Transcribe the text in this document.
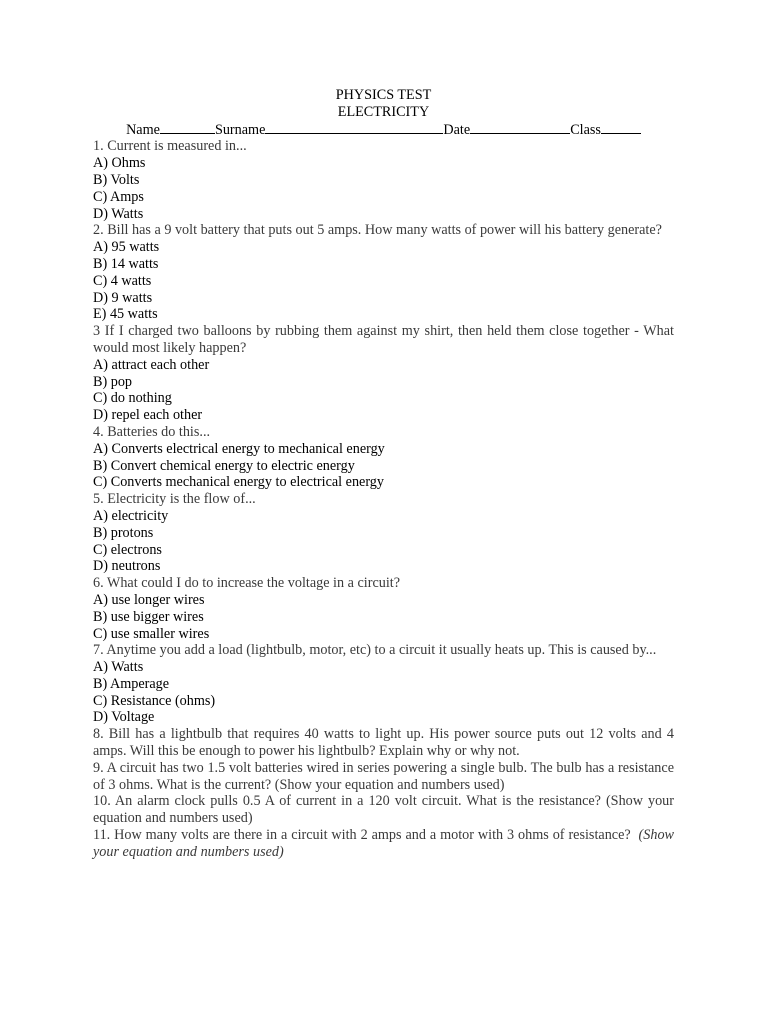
PHYSICS TEST
ELECTRICITY
Name	Surname	Date	Class
1. Current is measured in...
A) Ohms
B) Volts
C) Amps
D) Watts
2. Bill has a 9 volt battery that puts out 5 amps. How many watts of power will his battery generate?
A) 95 watts
B) 14 watts
C) 4 watts
D) 9 watts
E) 45 watts
3 If I charged two balloons by rubbing them against my shirt, then held them close together - What would most likely happen?
A) attract each other
B) pop
C) do nothing
D) repel each other
4. Batteries do this...
A) Converts electrical energy to mechanical energy
B) Convert chemical energy to electric energy
C) Converts mechanical energy to electrical energy
5. Electricity is the flow of...
A) electricity
B) protons
C) electrons
D) neutrons
6. What could I do to increase the voltage in a circuit?
A) use longer wires
B) use bigger wires
C) use smaller wires
7. Anytime you add a load (lightbulb, motor, etc) to a circuit it usually heats up. This is caused by...
A) Watts
B) Amperage
C) Resistance (ohms)
D) Voltage
8. Bill has a lightbulb that requires 40 watts to light up. His power source puts out 12 volts and 4 amps. Will this be enough to power his lightbulb? Explain why or why not.
9. A circuit has two 1.5 volt batteries wired in series powering a single bulb. The bulb has a resistance of 3 ohms. What is the current? (Show your equation and numbers used)
10. An alarm clock pulls 0.5 A of current in a 120 volt circuit. What is the resistance? (Show your equation and numbers used)
11. How many volts are there in a circuit with 2 amps and a motor with 3 ohms of resistance? (Show your equation and numbers used)
